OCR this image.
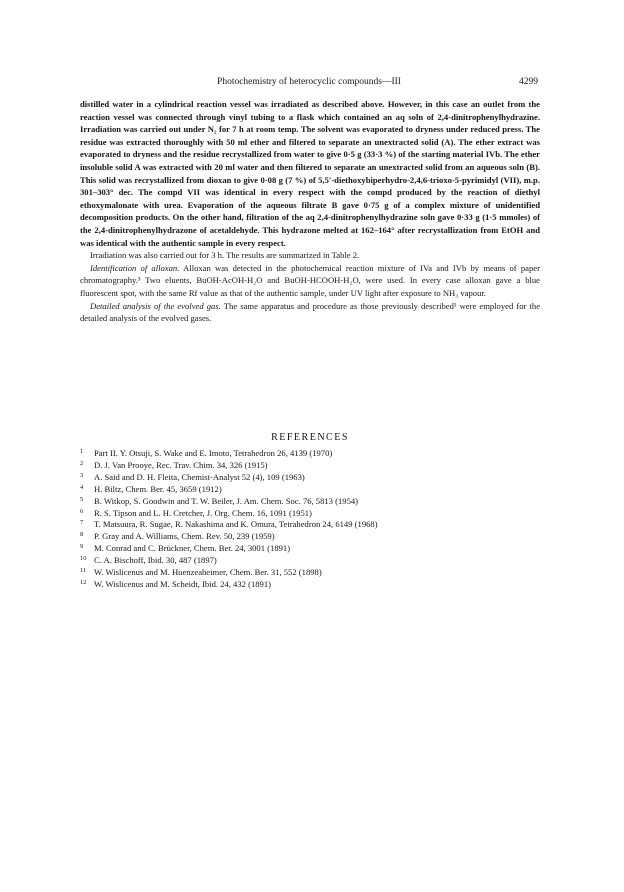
Photochemistry of heterocyclic compounds—III	4299

distilled water in a cylindrical reaction vessel was irradiated as described above. However, in this case an outlet from the reaction vessel was connected through vinyl tubing to a flask which contained an aq soln of 2,4-dinitrophenylhydrazine. Irradiation was carried out under N₂ for 7 h at room temp. The solvent was evaporated to dryness under reduced press. The residue was extracted thoroughly with 50 ml ether and filtered to separate an unextracted solid (A). The ether extract was evaporated to dryness and the residue recrystallized from water to give 0·5 g (33·3 %) of the starting material IVb. The ether insoluble solid A was extracted with 20 ml water and then filtered to separate an unextracted solid from an aqueous soln (B). This solid was recrystallized from dioxan to give 0·08 g (7 %) of 5,5′-diethoxybiperhydro-2,4,6-trioxo-5-pyrimidyl (VII), m.p. 301–303° dec. The compd VII was identical in every respect with the compd produced by the reaction of diethyl ethoxymalonate with urea. Evaporation of the aqueous filtrate B gave 0·75 g of a complex mixture of unidentified decomposition products. On the other hand, filtration of the aq 2,4-dinitrophenylhydrazine soln gave 0·33 g (1·5 mmoles) of the 2,4-dinitrophenylhydrazone of acetaldehyde. This hydrazone melted at 162–164° after recrystallization from EtOH and was identical with the authentic sample in every respect.

Irradiation was also carried out for 3 h. The results are summarized in Table 2.

Identification of alloxan. Alloxan was detected in the photochemical reaction mixture of IVa and IVb by means of paper chromatography.³ Two eluents, BuOH-AcOH-H₂O and BuOH-HCOOH-H₂O, were used. In every case alloxan gave a blue fluorescent spot, with the same Rf value as that of the authentic sample, under UV light after exposure to NH₃ vapour.

Detailed analysis of the evolved gas. The same apparatus and procedure as those previously described¹ were employed for the detailed analysis of the evolved gases.

REFERENCES
1	Part II. Y. Otsuji, S. Wake and E. Imoto, Tetrahedron 26, 4139 (1970)
2	D. J. Van Prooye, Rec. Trav. Chim. 34, 326 (1915)
3	A. Said and D. H. Fleita, Chemist-Analyst 52 (4), 109 (1963)
4	H. Biltz, Chem. Ber. 45, 3659 (1912)
5	B. Witkop, S. Goodwin and T. W. Beiler, J. Am. Chem. Soc. 76, 5813 (1954)
6	R. S. Tipson and L. H. Cretcher, J. Org. Chem. 16, 1091 (1951)
7	T. Matsuura, R. Sugae, R. Nakashima and K. Omura, Tetrahedron 24, 6149 (1968)
8	P. Gray and A. Williams, Chem. Rev. 50, 239 (1959)
9	M. Conrad and C. Brückner, Chem. Ber. 24, 3001 (1891)
10 C. A. Bischoff, Ibid. 30, 487 (1897)
11 W. Wislicenus and M. Huenzeaheimer, Chem. Ber. 31, 552 (1898)
12 W. Wislicenus and M. Scheidt, Ibid. 24, 432 (1891)
